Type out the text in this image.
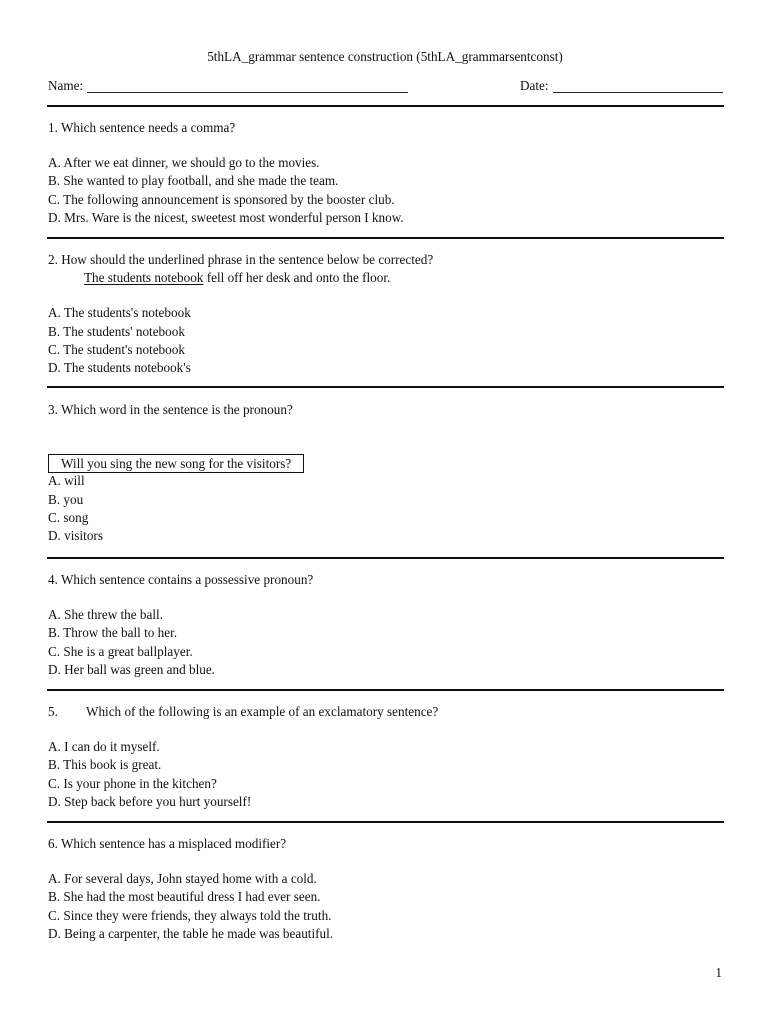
5thLA_grammar sentence construction (5thLA_grammarsentconst)
Name:	Date:
1. Which sentence needs a comma?
A. After we eat dinner, we should go to the movies.
B. She wanted to play football, and she made the team.
C. The following announcement is sponsored by the booster club.
D. Mrs. Ware is the nicest, sweetest most wonderful person I know.
2. How should the underlined phrase in the sentence below be corrected?
The students notebook fell off her desk and onto the floor.
A. The students's notebook
B. The students' notebook
C. The student's notebook
D. The students notebook's
3. Which word in the sentence is the pronoun?
Will you sing the new song for the visitors?
A. will
B. you
C. song
D. visitors
4. Which sentence contains a possessive pronoun?
A. She threw the ball.
B. Throw the ball to her.
C. She is a great ballplayer.
D. Her ball was green and blue.
5. Which of the following is an example of an exclamatory sentence?
A. I can do it myself.
B. This book is great.
C. Is your phone in the kitchen?
D. Step back before you hurt yourself!
6. Which sentence has a misplaced modifier?
A. For several days, John stayed home with a cold.
B. She had the most beautiful dress I had ever seen.
C. Since they were friends, they always told the truth.
D. Being a carpenter, the table he made was beautiful.
1
